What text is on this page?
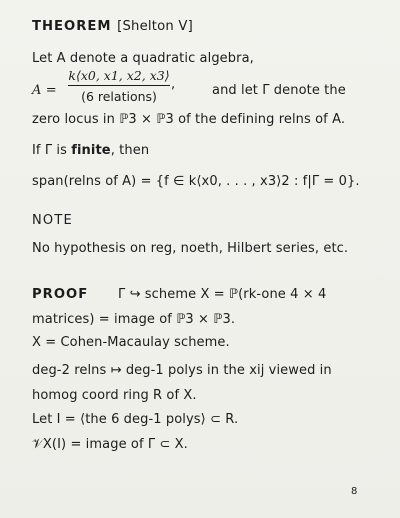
THEOREM [Shelton V]
Let A denote a quadratic algebra,
A =
k⟨x0, x1, x2, x3⟩
(6 relations)
,	and let Γ denote the
zero locus in ℙ3 × ℙ3 of the defining relns of A.
If Γ is finite, then
span(relns of A) = {f ∈ k⟨x0, . . . , x3⟩2 : f|Γ = 0}.
NOTE
No hypothesis on reg, noeth, Hilbert series, etc.
PROOF Γ ↪ scheme X = ℙ(rk-one 4 × 4
matrices) = image of ℙ3 × ℙ3.
X = Cohen-Macaulay scheme.
deg-2 relns ↦ deg-1 polys in the xij viewed in
homog coord ring R of X.
Let I = ⟨the 6 deg-1 polys⟩ ⊂ R.
𝒱X(I) = image of Γ ⊂ X.
8
